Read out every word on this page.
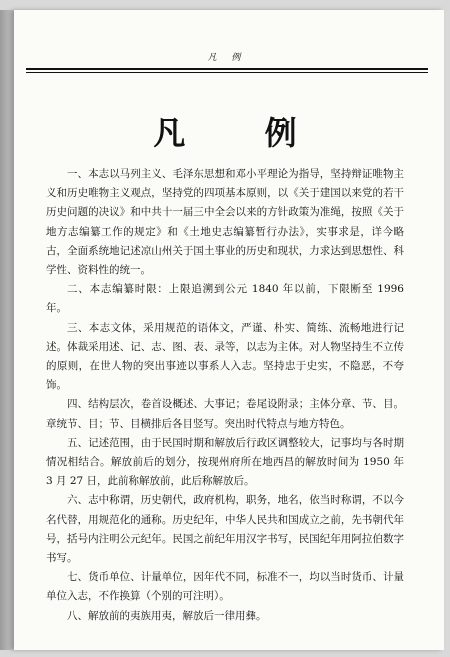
凡 例
凡 例

一、本志以马列主义、毛泽东思想和邓小平理论为指导，坚持辩证唯物主义和历史唯物主义观点，坚持党的四项基本原则，以《关于建国以来党的若干历史问题的决议》和中共十一届三中全会以来的方针政策为准绳，按照《关于地方志编纂工作的规定》和《土地史志编纂暂行办法》，实事求是，详今略古，全面系统地记述凉山州关于国土事业的历史和现状，力求达到思想性、科学性、资料性的统一。

二、本志编纂时限：上限追溯到公元 1840 年以前，下限断至 1996 年。

三、本志文体，采用规范的语体文，严谨、朴实、简练、流畅地进行记述。体裁采用述、记、志、图、表、录等，以志为主体。对人物坚持生不立传的原则，在世人物的突出事迹以事系人入志。坚持忠于史实，不隐恶，不夸饰。

四、结构层次，卷首设概述、大事记；卷尾设附录；主体分章、节、目。章统节、目；节、目横排后各目竖写。突出时代特点与地方特色。

五、记述范围，由于民国时期和解放后行政区调整较大，记事均与各时期情况相结合。解放前后的划分，按现州府所在地西昌的解放时间为 1950 年 3 月 27 日，此前称解放前，此后称解放后。

六、志中称谓，历史朝代，政府机构，职务，地名，依当时称谓，不以今名代替，用规范化的通称。历史纪年，中华人民共和国成立之前，先书朝代年号，括号内注明公元纪年。民国之前纪年用汉字书写，民国纪年用阿拉伯数字书写。

七、货币单位、计量单位，因年代不同，标准不一，均以当时货币、计量单位入志，不作换算（个别的可注明）。

八、解放前的夷族用夷，解放后一律用彝。
